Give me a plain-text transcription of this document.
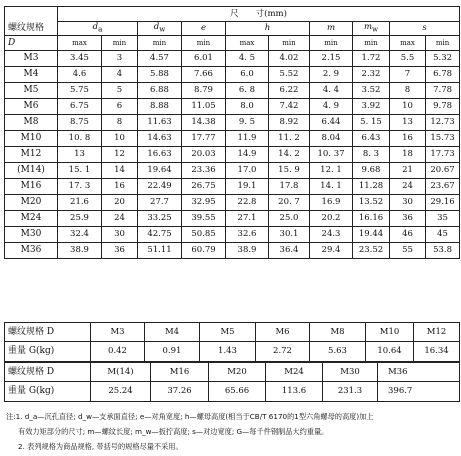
螺纹规格	尺　　寸(mm)									
	$d_a$		$d_w$	e	h		m	$m_w$	s	
D	max	min	min	min	max	min	min	min	max	min
M3	3.45	3	4.57	6.01	4. 5	4.02	2.15	1.72	5.5	5.32
M4	4.6	4	5.88	7.66	6.0	5.52	2. 9	2.32	7	6.78
M5	5.75	5	6.88	8.79	6. 8	6.22	4. 4	3.52	8	7.78
M6	6.75	6	8.88	11.05	8.0	7.42	4. 9	3.92	10	9.78
M8	8.75	8	11.63	14.38	9. 5	8.92	6.44	5. 15	13	12.73
M10	10. 8	10	14.63	17.77	11.9	11. 2	8.04	6.43	16	15.73
M12	13	12	16.63	20.03	14.9	14. 2	10. 37	8. 3	18	17.73
(M14)	15. 1	14	19.64	23.36	17.0	15. 9	12. 1	9.68	21	20.67
M16	17. 3	16	22.49	26.75	19.1	17.8	14. 1	11.28	24	23.67
M20	21.6	20	27.7	32.95	22.8	20. 7	16.9	13.52	30	29.16
M24	25.9	24	33.25	39.55	27.1	25.0	20.2	16.16	36	35
M30	32.4	30	42.75	50.85	32.6	30.1	24.3	19.44	46	45
M36	38.9	36	51.11	60.79	38.9	36.4	29.4	23.52	55	53.8
螺纹规格 D	M3	M4	M5	M6	M8	M10	M12
重量 G(kg)	0.42	0.91	1.43	2.72	5.63	10.64	16.34
螺纹规格 D	M(14)	M16	M20	M24	M30	M36
重量 G(kg)	25.24	37.26	65.66	113.6	231.3	396.7
注:1. d_a—沉孔直径; d_w—支承面直径; e—对角宽度; h—螺母高度(相当于CB/T 6170的1型六角螺母的高度)加上
有效力矩部分的尺寸; m—螺纹长度; m_w—扳拧高度; s—对边宽度; G—每千件钢制品大约重量。
2. 表列规格为商品规格, 带括号的规格尽量不采用。
